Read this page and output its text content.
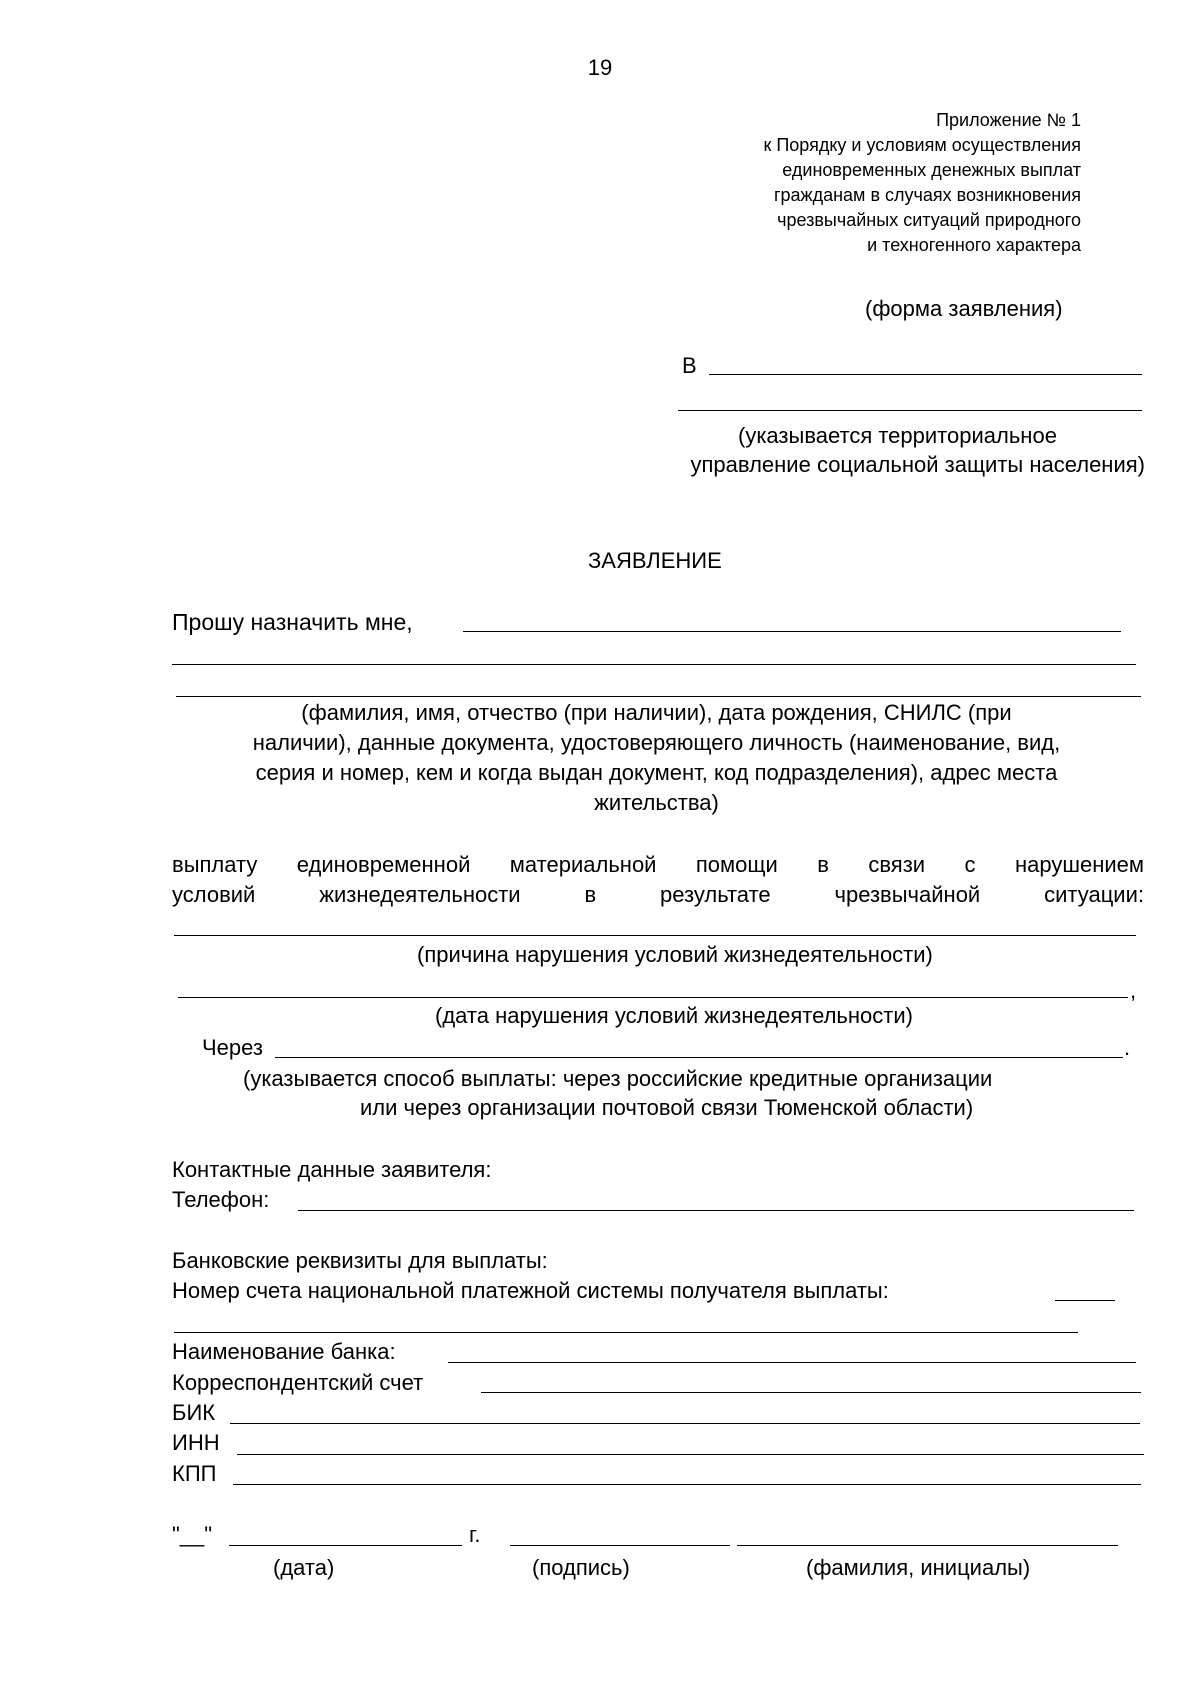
19
Приложение № 1
к Порядку и условиям осуществления
единовременных денежных выплат
гражданам в случаях возникновения
чрезвычайных ситуаций природного
и техногенного характера
(форма заявления)
В
(указывается территориальное
управление социальной защиты населения)
ЗАЯВЛЕНИЕ
Прошу назначить мне,
(фамилия, имя, отчество (при наличии), дата рождения, СНИЛС (при
наличии), данные документа, удостоверяющего личность (наименование, вид,
серия и номер, кем и когда выдан документ, код подразделения), адрес места
жительства)
выплату единовременной материальной помощи в связи с нарушением
условий жизнедеятельности в результате чрезвычайной ситуации:
(причина нарушения условий жизнедеятельности)
,
(дата нарушения условий жизнедеятельности)
Через	.
(указывается способ выплаты: через российские кредитные организации
или через организации почтовой связи Тюменской области)
Контактные данные заявителя:
Телефон:
Банковские реквизиты для выплаты:
Номер счета национальной платежной системы получателя выплаты:
Наименование банка:
Корреспондентский счет
БИК
ИНН
КПП
"__"	г.
(дата)	(подпись)	(фамилия, инициалы)
